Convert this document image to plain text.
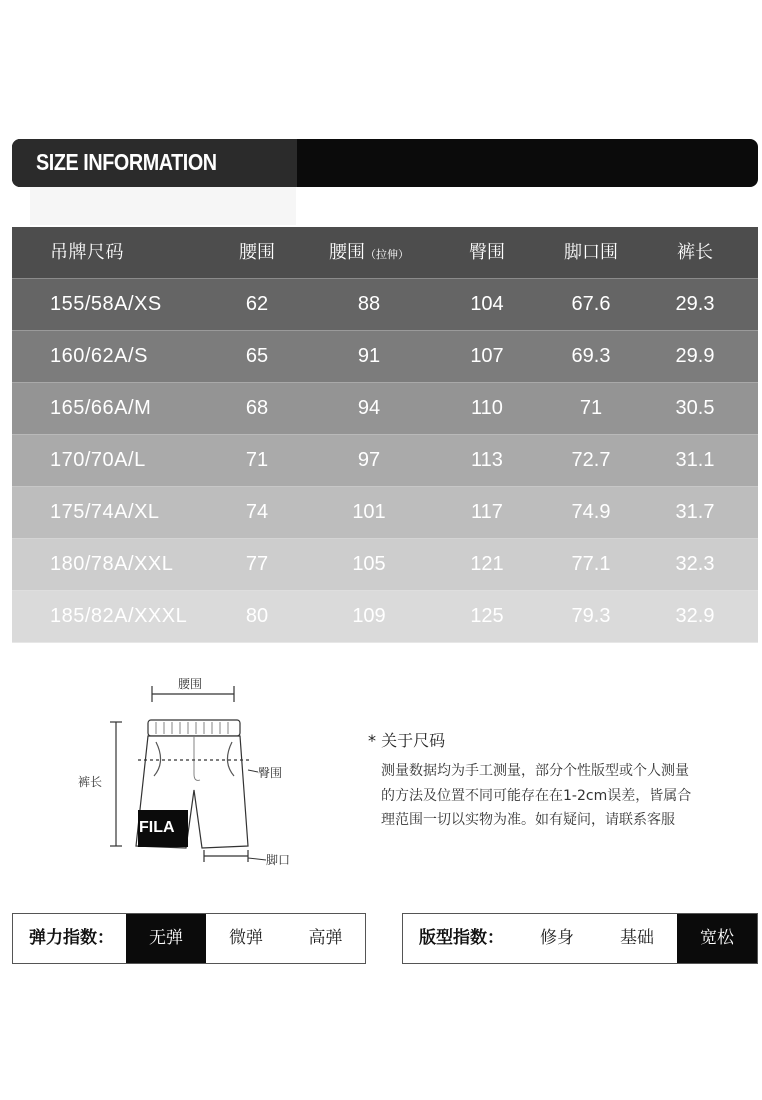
SIZE INFORMATION
吊牌尺码	腰围	腰围（拉伸）	臀围	脚口围	裤长
155/58A/XS	62	88	104	67.6	29.3
160/62A/S	65	91	107	69.3	29.9
165/66A/M	68	94	110	71	30.5
170/70A/L	71	97	113	72.7	31.1
175/74A/XL	74	101	117	74.9	31.7
180/78A/XXL	77	105	121	77.1	32.3
185/82A/XXXL	80	109	125	79.3	32.9
FILA
腰围
臀围
裤长
脚口
* 关于尺码
测量数据均为手工测量，部分个性版型或个人测量
的方法及位置不同可能存在在1-2cm误差，皆属合
理范围一切以实物为准。如有疑问，请联系客服
弹力指数：	无弹	微弹	高弹	版型指数：	修身	基础	宽松
